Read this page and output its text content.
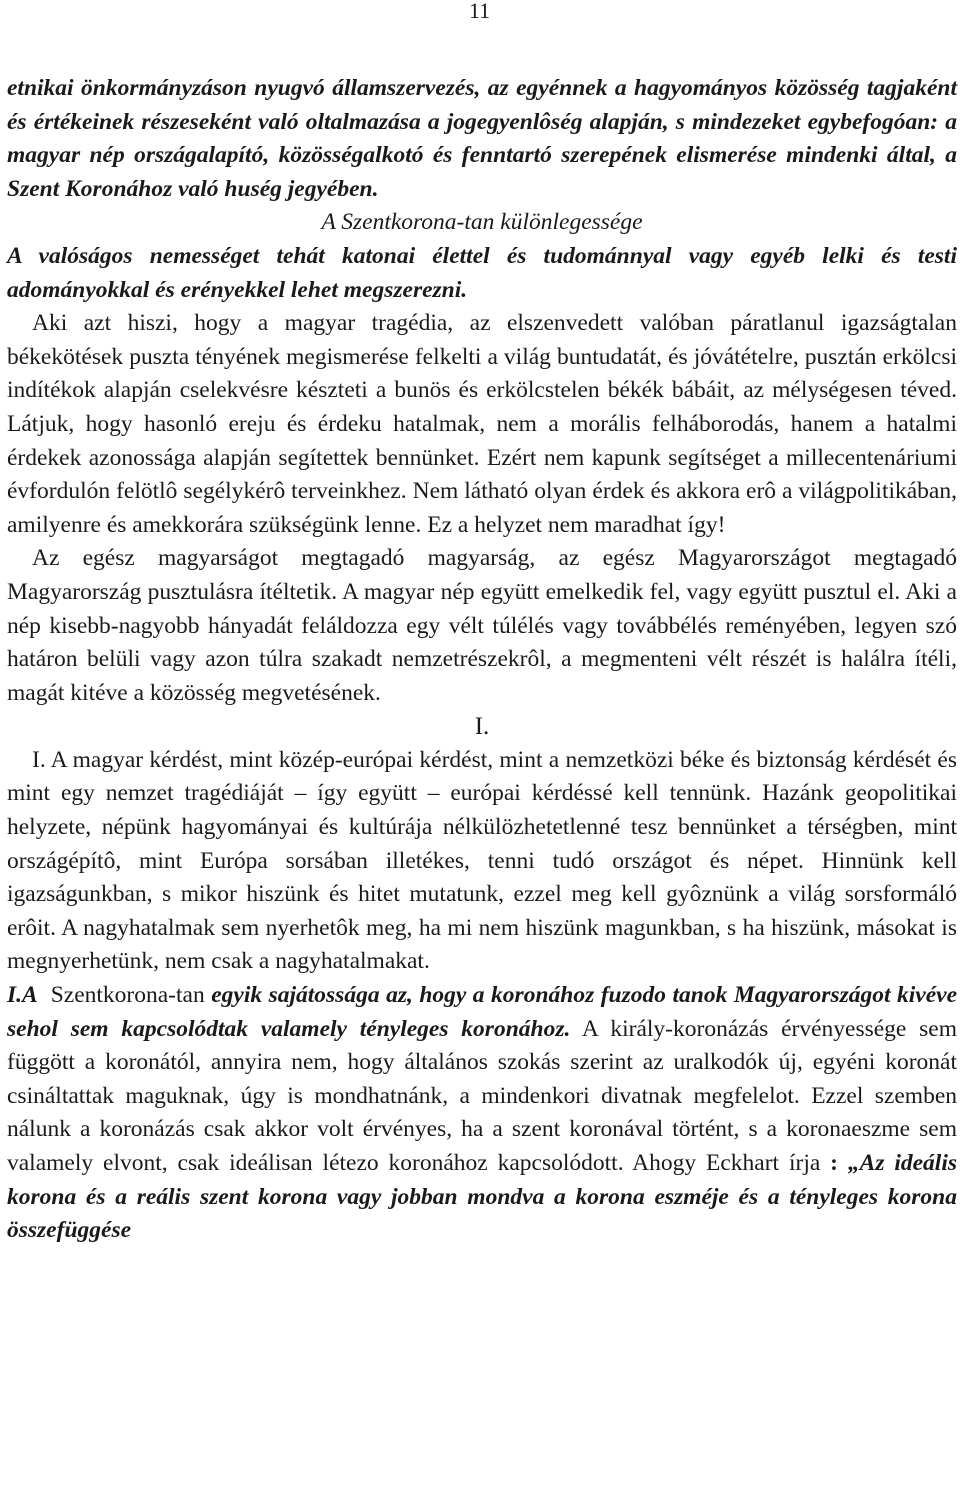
11

etnikai önkormányzáson nyugvó államszervezés, az egyénnek a hagyományos közösség tagjaként és értékeinek részeseként való oltalmazása a jogegyenlôség alapján, s mindezeket egybefogóan: a magyar nép országalapító, közösségalkotó és fenntartó szerepének elismerése mindenki által, a Szent Koronához való huség jegyében.

A Szentkorona-tan különlegessége

A valóságos nemességet tehát katonai élettel és tudománnyal vagy egyéb lelki és testi adományokkal és erényekkel lehet megszerezni.

Aki azt hiszi, hogy a magyar tragédia, az elszenvedett valóban páratlanul igazságtalan békekötések puszta tényének megismerése felkelti a világ buntudatát, és jóvátételre, pusztán erkölcsi indítékok alapján cselekvésre készteti a bunös és erkölcstelen békék bábáit, az mélységesen téved. Látjuk, hogy hasonló ereju és érdeku hatalmak, nem a morális felháborodás, hanem a hatalmi érdekek azonossága alapján segítettek bennünket. Ezért nem kapunk segítséget a millecentenáriumi évfordulón felötlô segélykérô terveinkhez. Nem látható olyan érdek és akkora erô a világpolitikában, amilyenre és amekkorára szükségünk lenne. Ez a helyzet nem maradhat így!

Az egész magyarságot megtagadó magyarság, az egész Magyarországot megtagadó Magyarország pusztulásra ítéltetik. A magyar nép együtt emelkedik fel, vagy együtt pusztul el. Aki a nép kisebb-nagyobb hányadát feláldozza egy vélt túlélés vagy továbbélés reményében, legyen szó határon belüli vagy azon túlra szakadt nemzetrészekrôl, a megmenteni vélt részét is halálra ítéli, magát kitéve a közösség megvetésének.

I.

I. A magyar kérdést, mint közép-európai kérdést, mint a nemzetközi béke és biztonság kérdését és mint egy nemzet tragédiáját – így együtt – európai kérdéssé kell tennünk. Hazánk geopolitikai helyzete, népünk hagyományai és kultúrája nélkülözhetetlenné tesz bennünket a térségben, mint országépítô, mint Európa sorsában illetékes, tenni tudó országot és népet. Hinnünk kell igazságunkban, s mikor hiszünk és hitet mutatunk, ezzel meg kell gyôznünk a világ sorsformáló erôit. A nagyhatalmak sem nyerhetôk meg, ha mi nem hiszünk magunkban, s ha hiszünk, másokat is megnyerhetünk, nem csak a nagyhatalmakat.

I.A Szentkorona-tan egyik sajátossága az, hogy a koronához fuzodo tanok Magyarországot kivéve sehol sem kapcsolódtak valamely tényleges koronához. A király-koronázás érvényessége sem függött a koronától, annyira nem, hogy általános szokás szerint az uralkodók új, egyéni koronát csináltattak maguknak, úgy is mondhatnánk, a mindenkori divatnak megfelelot. Ezzel szemben nálunk a koronázás csak akkor volt érvényes, ha a szent koronával történt, s a koronaeszme sem valamely elvont, csak ideálisan létezo koronához kapcsolódott. Ahogy Eckhart írja : „Az ideális korona és a reális szent korona vagy jobban mondva a korona eszméje és a tényleges korona összefüggése
